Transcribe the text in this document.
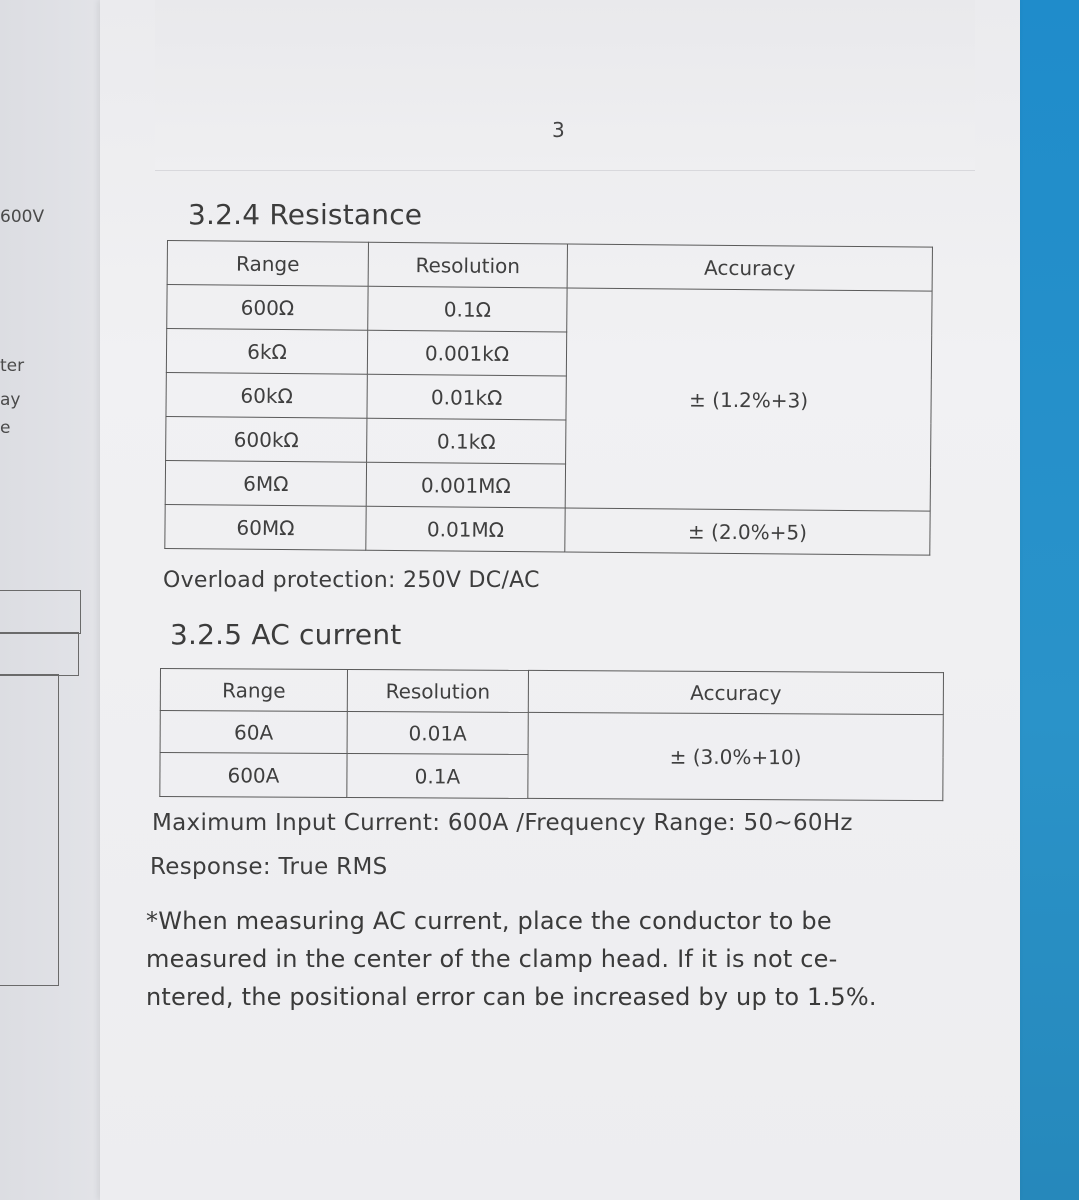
600V
ter
ay
e
3
3.2.4 Resistance
Range	Resolution	Accuracy
600Ω	0.1Ω	± (1.2%+3)
6kΩ	0.001kΩ	
60kΩ	0.01kΩ	
600kΩ	0.1kΩ	
6MΩ	0.001MΩ	
60MΩ	0.01MΩ	± (2.0%+5)
Overload protection: 250V DC/AC
3.2.5 AC current
Range	Resolution	Accuracy
60A	0.01A	± (3.0%+10)
600A	0.1A	
Maximum Input Current: 600A /Frequency Range: 50~60Hz
Response: True RMS
*When measuring AC current, place the conductor to be measured in the center of the clamp head. If it is not ce-ntered, the positional error can be increased by up to 1.5%.
